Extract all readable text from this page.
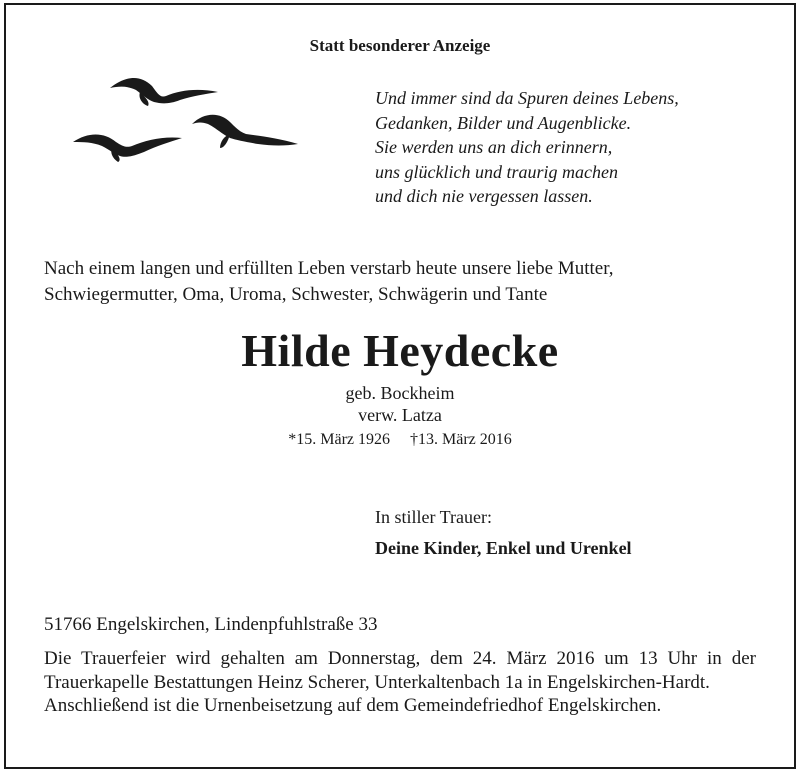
Statt besonderer Anzeige
Und immer sind da Spuren deines Lebens,
Gedanken, Bilder und Augenblicke.
Sie werden uns an dich erinnern,
uns glücklich und traurig machen
und dich nie vergessen lassen.
Nach einem langen und erfüllten Leben verstarb heute unsere liebe Mutter,
Schwiegermutter, Oma, Uroma, Schwester, Schwägerin und Tante
Hilde Heydecke
geb. Bockheim
verw. Latza
*15. März 1926 †13. März 2016
In stiller Trauer:
Deine Kinder, Enkel und Urenkel
51766 Engelskirchen, Lindenpfuhlstraße 33
Die Trauerfeier wird gehalten am Donnerstag, dem 24. März 2016 um 13 Uhr in der Trauerkapelle Bestattungen Heinz Scherer, Unterkaltenbach 1a in Engelskirchen-Hardt.
Anschließend ist die Urnenbeisetzung auf dem Gemeindefriedhof Engelskirchen.
